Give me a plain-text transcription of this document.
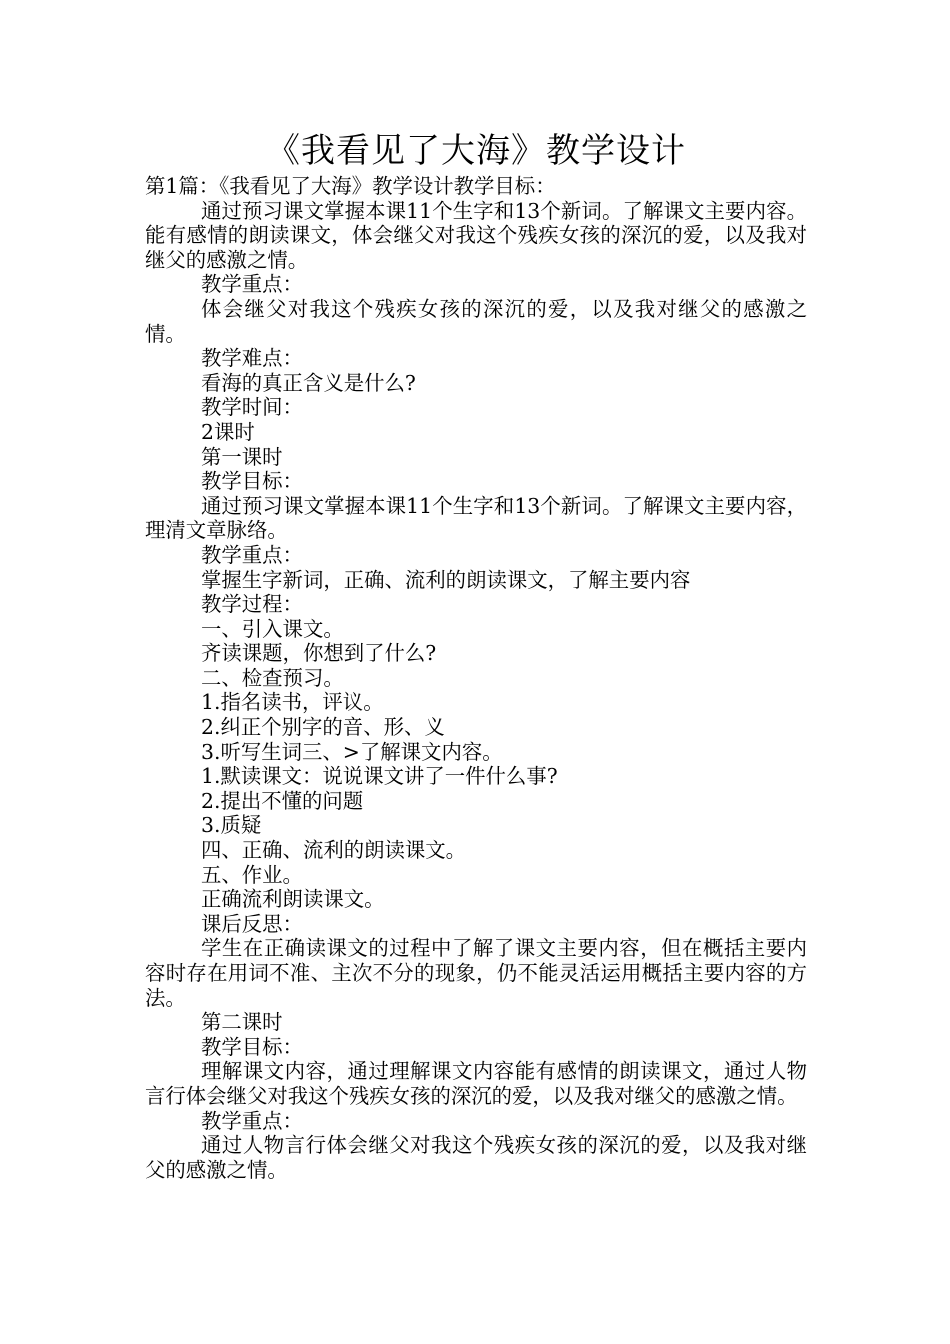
《我看见了大海》教学设计

第1篇：《我看见了大海》教学设计教学目标：

通过预习课文掌握本课11个生字和13个新词。了解课文主要内容。能有感情的朗读课文，体会继父对我这个残疾女孩的深沉的爱，以及我对继父的感激之情。

教学重点：

体会继父对我这个残疾女孩的深沉的爱，以及我对继父的感激之情。

教学难点：

看海的真正含义是什么?

教学时间：

2课时

第一课时

教学目标：

通过预习课文掌握本课11个生字和13个新词。了解课文主要内容，理清文章脉络。

教学重点：

掌握生字新词，正确、流利的朗读课文，了解主要内容

教学过程：

一、引入课文。

齐读课题，你想到了什么?

二、检查预习。

1.指名读书，评议。

2.纠正个别字的音、形、义

3.听写生词三、>了解课文内容。

1.默读课文：说说课文讲了一件什么事?

2.提出不懂的问题

3.质疑

四、正确、流利的朗读课文。

五、作业。

正确流利朗读课文。

课后反思：

学生在正确读课文的过程中了解了课文主要内容，但在概括主要内容时存在用词不准、主次不分的现象，仍不能灵活运用概括主要内容的方法。

第二课时

教学目标：

理解课文内容，通过理解课文内容能有感情的朗读课文，通过人物言行体会继父对我这个残疾女孩的深沉的爱，以及我对继父的感激之情。

教学重点：

通过人物言行体会继父对我这个残疾女孩的深沉的爱，以及我对继父的感激之情。
